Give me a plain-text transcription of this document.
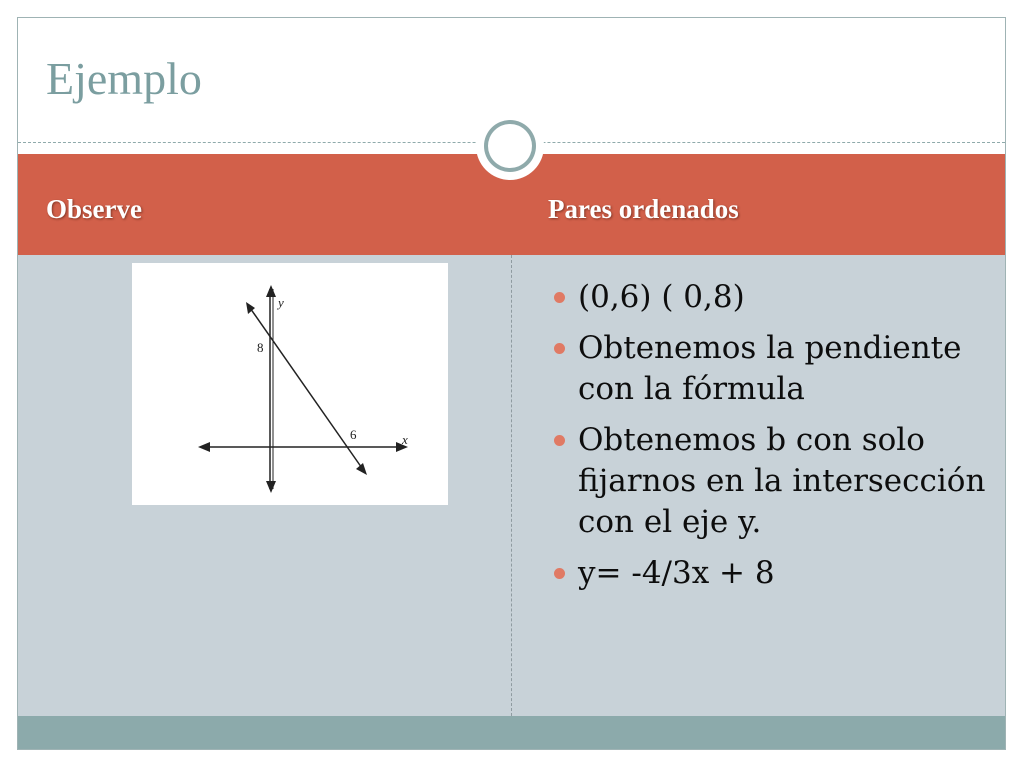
Ejemplo
Observe	Pares ordenados
y
x
8
6
(0,6) ( 0,8)
Obtenemos la pendiente con la fórmula
Obtenemos b con solo fijarnos en la intersección con el eje y.
y= -4/3x + 8
